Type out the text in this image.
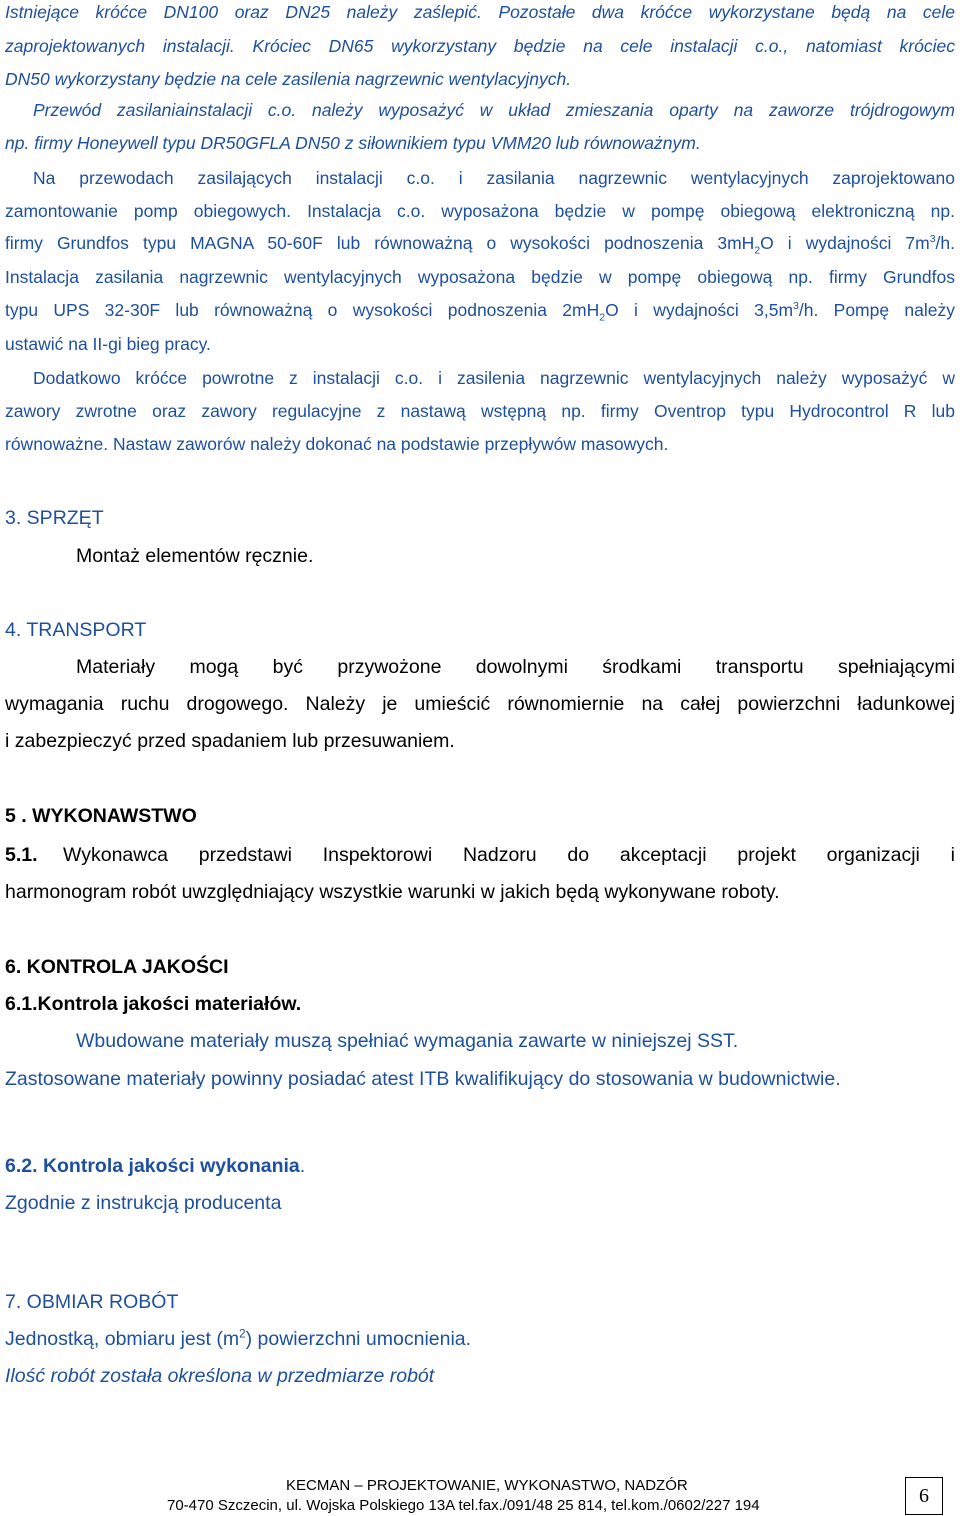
Istniejące króćce DN100 oraz DN25 należy zaślepić. Pozostałe dwa króćce wykorzystane będą na cele

zaprojektowanych instalacji. Króciec DN65 wykorzystany będzie na cele instalacji c.o., natomiast króciec

DN50 wykorzystany będzie na cele zasilenia nagrzewnic wentylacyjnych.

Przewód zasilaniainstalacji c.o. należy wyposażyć w układ zmieszania oparty na zaworze trójdrogowym

np. firmy Honeywell typu DR50GFLA DN50 z siłownikiem typu VMM20 lub równoważnym.

Na przewodach zasilających instalacji c.o. i zasilania nagrzewnic wentylacyjnych zaprojektowano

zamontowanie pomp obiegowych. Instalacja c.o. wyposażona będzie w pompę obiegową elektroniczną np.

firmy Grundfos typu MAGNA 50-60F lub równoważną o wysokości podnoszenia $3mH_2O$ i wydajności $7m^3/h$.

Instalacja zasilania nagrzewnic wentylacyjnych wyposażona będzie w pompę obiegową np. firmy Grundfos

typu UPS 32-30F lub równoważną o wysokości podnoszenia $2mH_2O$ i wydajności $3,5m^3/h$. Pompę należy

ustawić na II-gi bieg pracy.

Dodatkowo króćce powrotne z instalacji c.o. i zasilenia nagrzewnic wentylacyjnych należy wyposażyć w

zawory zwrotne oraz zawory regulacyjne z nastawą wstępną np. firmy Oventrop typu Hydrocontrol R lub

równoważne. Nastaw zaworów należy dokonać na podstawie przepływów masowych.

3. SPRZĘT

Montaż elementów ręcznie.

4. TRANSPORT

Materiały mogą być przywożone dowolnymi środkami transportu spełniającymi

wymagania ruchu drogowego. Należy je umieścić równomiernie na całej powierzchni ładunkowej

i zabezpieczyć przed spadaniem lub przesuwaniem.

5 . WYKONAWSTWO

5.1. Wykonawca przedstawi Inspektorowi Nadzoru do akceptacji projekt organizacji i

harmonogram robót uwzględniający wszystkie warunki w jakich będą wykonywane roboty.

6. KONTROLA JAKOŚCI

6.1.Kontrola jakości materiałów.

Wbudowane materiały muszą spełniać wymagania zawarte w niniejszej SST.

Zastosowane materiały powinny posiadać atest ITB kwalifikujący do stosowania w budownictwie.

6.2. Kontrola jakości wykonania.

Zgodnie z instrukcją producenta

7. OBMIAR ROBÓT

Jednostką, obmiaru jest $(m^2)$ powierzchni umocnienia.

Ilość robót została określona w przedmiarze robót

KECMAN – PROJEKTOWANIE, WYKONASTWO, NADZÓR
70-470 Szczecin, ul. Wojska Polskiego 13A tel.fax./091/48 25 814, tel.kom./0602/227 194	6
